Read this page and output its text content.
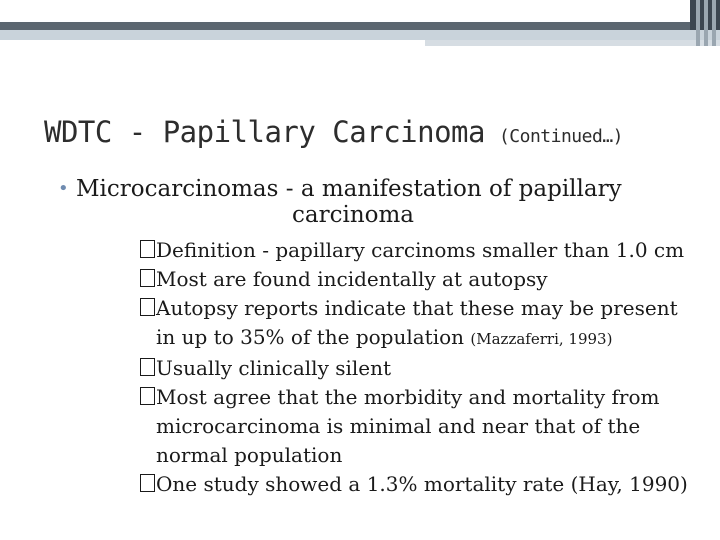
WDTC - Papillary Carcinoma (Continued…)
• Microcarcinomas - a manifestation of papillary
carcinoma
Definition - papillary carcinoms smaller than 1.0 cm
Most are found incidentally at autopsy
Autopsy reports indicate that these may be present
in up to 35% of the population (Mazzaferri, 1993)
Usually clinically silent
Most agree that the morbidity and mortality from
microcarcinoma is minimal and near that of the
normal population
One study showed a 1.3% mortality rate (Hay, 1990)
